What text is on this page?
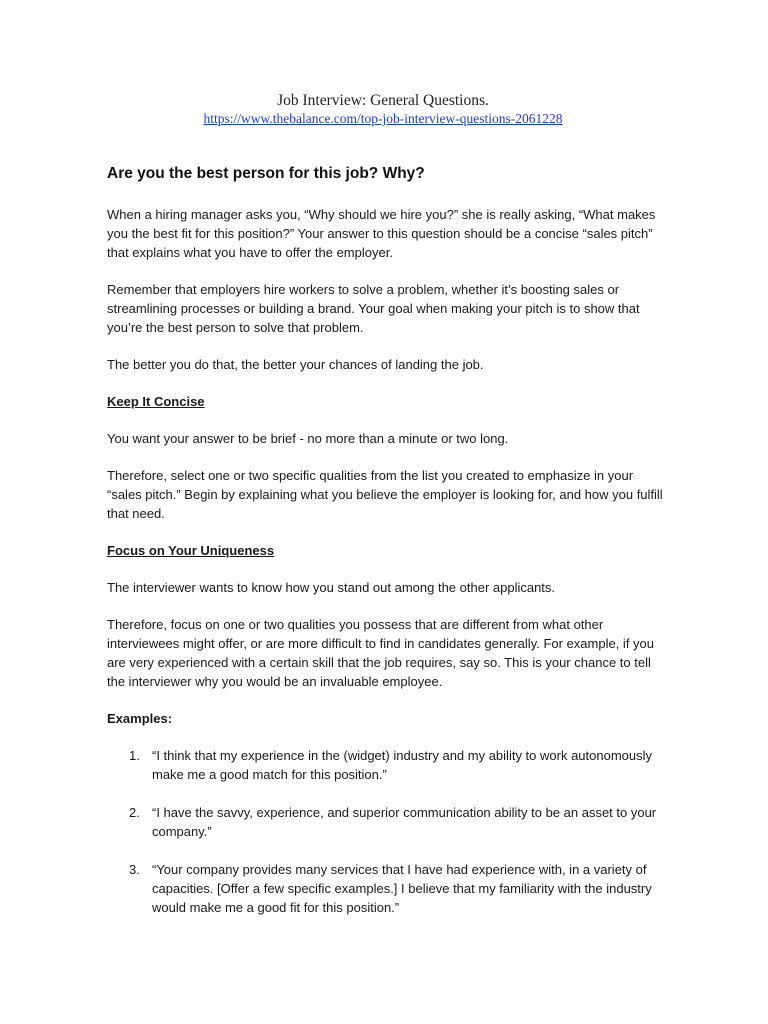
Job Interview: General Questions.
https://www.thebalance.com/top-job-interview-questions-2061228
Are you the best person for this job? Why?

When a hiring manager asks you, “Why should we hire you?” she is really asking, “What makes you the best fit for this position?” Your answer to this question should be a concise “sales pitch” that explains what you have to offer the employer.

Remember that employers hire workers to solve a problem, whether it’s boosting sales or streamlining processes or building a brand. Your goal when making your pitch is to show that you’re the best person to solve that problem.

The better you do that, the better your chances of landing the job.

Keep It Concise

You want your answer to be brief - no more than a minute or two long.

Therefore, select one or two specific qualities from the list you created to emphasize in your “sales pitch.” Begin by explaining what you believe the employer is looking for, and how you fulfill that need.

Focus on Your Uniqueness

The interviewer wants to know how you stand out among the other applicants.

Therefore, focus on one or two qualities you possess that are different from what other interviewees might offer, or are more difficult to find in candidates generally. For example, if you are very experienced with a certain skill that the job requires, say so. This is your chance to tell the interviewer why you would be an invaluable employee.

Examples:

1. “I think that my experience in the (widget) industry and my ability to work autonomously make me a good match for this position.”
2. “I have the savvy, experience, and superior communication ability to be an asset to your company.”
3. “Your company provides many services that I have had experience with, in a variety of capacities. [Offer a few specific examples.] I believe that my familiarity with the industry would make me a good fit for this position.”
